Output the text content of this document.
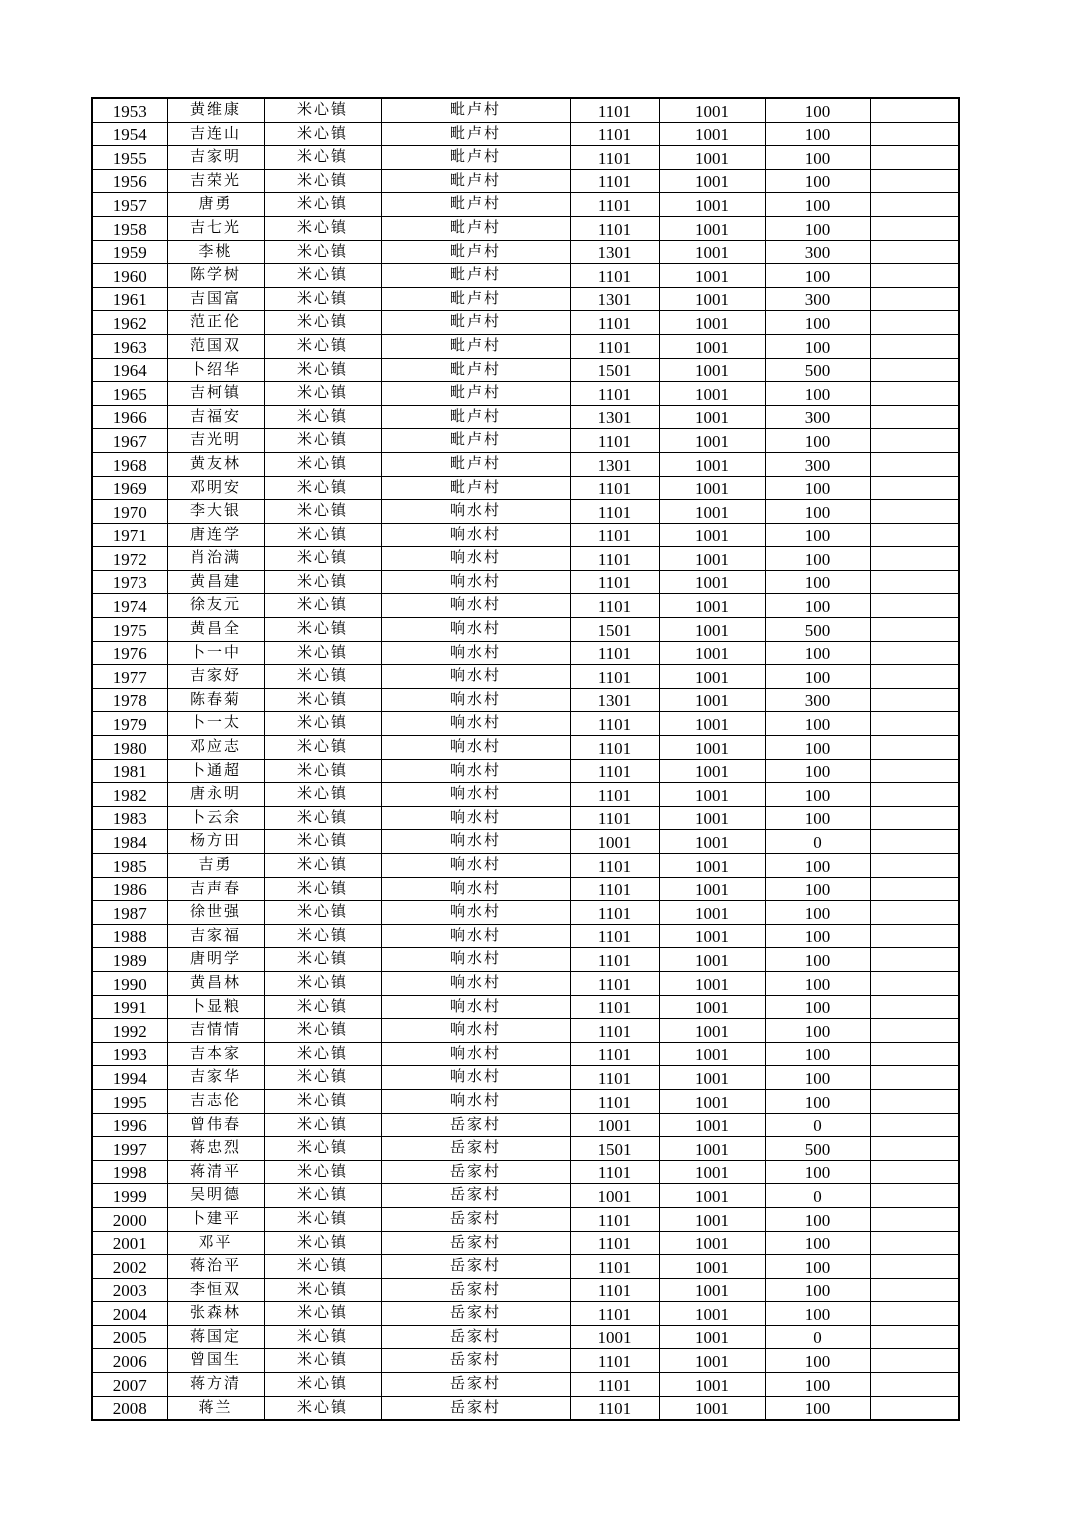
1953	黄维康	米心镇	毗卢村	1101	1001	100	
1954	吉连山	米心镇	毗卢村	1101	1001	100	
1955	吉家明	米心镇	毗卢村	1101	1001	100	
1956	吉荣光	米心镇	毗卢村	1101	1001	100	
1957	唐勇	米心镇	毗卢村	1101	1001	100	
1958	吉七光	米心镇	毗卢村	1101	1001	100	
1959	李桃	米心镇	毗卢村	1301	1001	300	
1960	陈学树	米心镇	毗卢村	1101	1001	100	
1961	吉国富	米心镇	毗卢村	1301	1001	300	
1962	范正伦	米心镇	毗卢村	1101	1001	100	
1963	范国双	米心镇	毗卢村	1101	1001	100	
1964	卜绍华	米心镇	毗卢村	1501	1001	500	
1965	吉柯镇	米心镇	毗卢村	1101	1001	100	
1966	吉福安	米心镇	毗卢村	1301	1001	300	
1967	吉光明	米心镇	毗卢村	1101	1001	100	
1968	黄友林	米心镇	毗卢村	1301	1001	300	
1969	邓明安	米心镇	毗卢村	1101	1001	100	
1970	李大银	米心镇	响水村	1101	1001	100	
1971	唐连学	米心镇	响水村	1101	1001	100	
1972	肖治满	米心镇	响水村	1101	1001	100	
1973	黄昌建	米心镇	响水村	1101	1001	100	
1974	徐友元	米心镇	响水村	1101	1001	100	
1975	黄昌全	米心镇	响水村	1501	1001	500	
1976	卜一中	米心镇	响水村	1101	1001	100	
1977	吉家妤	米心镇	响水村	1101	1001	100	
1978	陈春菊	米心镇	响水村	1301	1001	300	
1979	卜一太	米心镇	响水村	1101	1001	100	
1980	邓应志	米心镇	响水村	1101	1001	100	
1981	卜通超	米心镇	响水村	1101	1001	100	
1982	唐永明	米心镇	响水村	1101	1001	100	
1983	卜云余	米心镇	响水村	1101	1001	100	
1984	杨方田	米心镇	响水村	1001	1001	0	
1985	吉勇	米心镇	响水村	1101	1001	100	
1986	吉声春	米心镇	响水村	1101	1001	100	
1987	徐世强	米心镇	响水村	1101	1001	100	
1988	吉家福	米心镇	响水村	1101	1001	100	
1989	唐明学	米心镇	响水村	1101	1001	100	
1990	黄昌林	米心镇	响水村	1101	1001	100	
1991	卜显粮	米心镇	响水村	1101	1001	100	
1992	吉情情	米心镇	响水村	1101	1001	100	
1993	吉本家	米心镇	响水村	1101	1001	100	
1994	吉家华	米心镇	响水村	1101	1001	100	
1995	吉志伦	米心镇	响水村	1101	1001	100	
1996	曾伟春	米心镇	岳家村	1001	1001	0	
1997	蒋忠烈	米心镇	岳家村	1501	1001	500	
1998	蒋清平	米心镇	岳家村	1101	1001	100	
1999	吴明德	米心镇	岳家村	1001	1001	0	
2000	卜建平	米心镇	岳家村	1101	1001	100	
2001	邓平	米心镇	岳家村	1101	1001	100	
2002	蒋治平	米心镇	岳家村	1101	1001	100	
2003	李恒双	米心镇	岳家村	1101	1001	100	
2004	张森林	米心镇	岳家村	1101	1001	100	
2005	蒋国定	米心镇	岳家村	1001	1001	0	
2006	曾国生	米心镇	岳家村	1101	1001	100	
2007	蒋方清	米心镇	岳家村	1101	1001	100	
2008	蒋兰	米心镇	岳家村	1101	1001	100	
